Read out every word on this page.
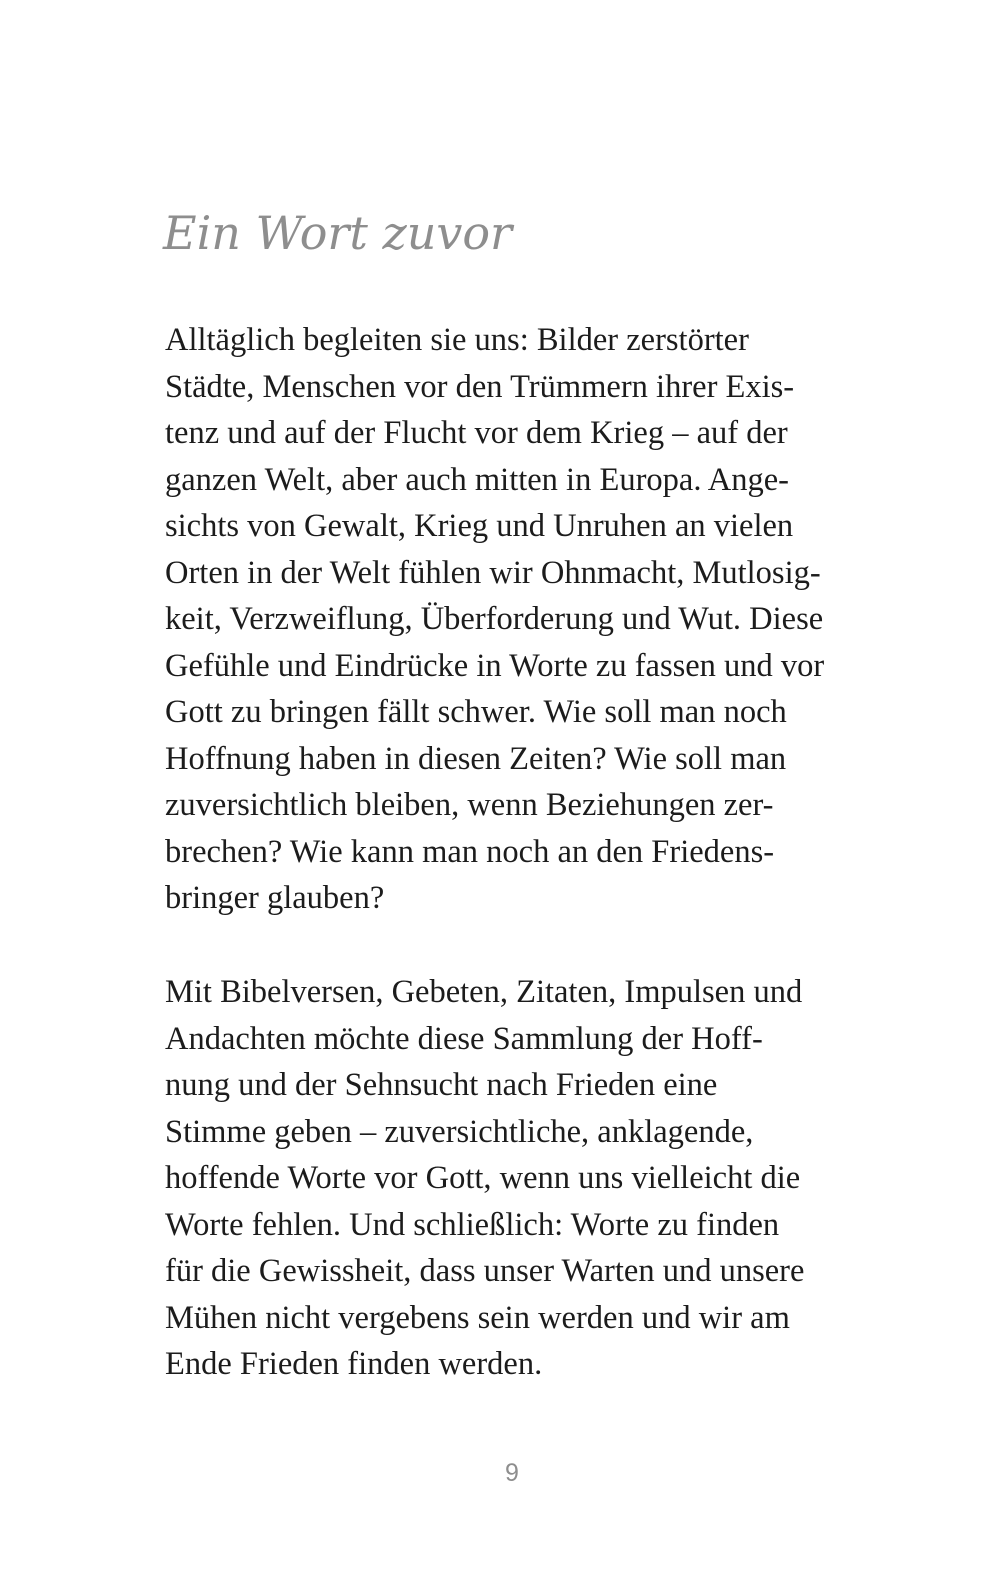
Ein Wort zuvor

Alltäglich begleiten sie uns: Bilder zerstörter
Städte, Menschen vor den Trümmern ihrer Exis-
tenz und auf der Flucht vor dem Krieg – auf der
ganzen Welt, aber auch mitten in Europa. Ange-
sichts von Gewalt, Krieg und Unruhen an vielen
Orten in der Welt fühlen wir Ohnmacht, Mutlosig-
keit, Verzweiflung, Überforderung und Wut. Diese
Gefühle und Eindrücke in Worte zu fassen und vor
Gott zu bringen fällt schwer. Wie soll man noch
Hoffnung haben in diesen Zeiten? Wie soll man
zuversichtlich bleiben, wenn Beziehungen zer-
brechen? Wie kann man noch an den Friedens-
bringer glauben?

Mit Bibelversen, Gebeten, Zitaten, Impulsen und
Andachten möchte diese Sammlung der Hoff-
nung und der Sehnsucht nach Frieden eine
Stimme geben – zuversichtliche, anklagende,
hoffende Worte vor Gott, wenn uns vielleicht die
Worte fehlen. Und schließlich: Worte zu finden
für die Gewissheit, dass unser Warten und unsere
Mühen nicht vergebens sein werden und wir am
Ende Frieden finden werden.

9
